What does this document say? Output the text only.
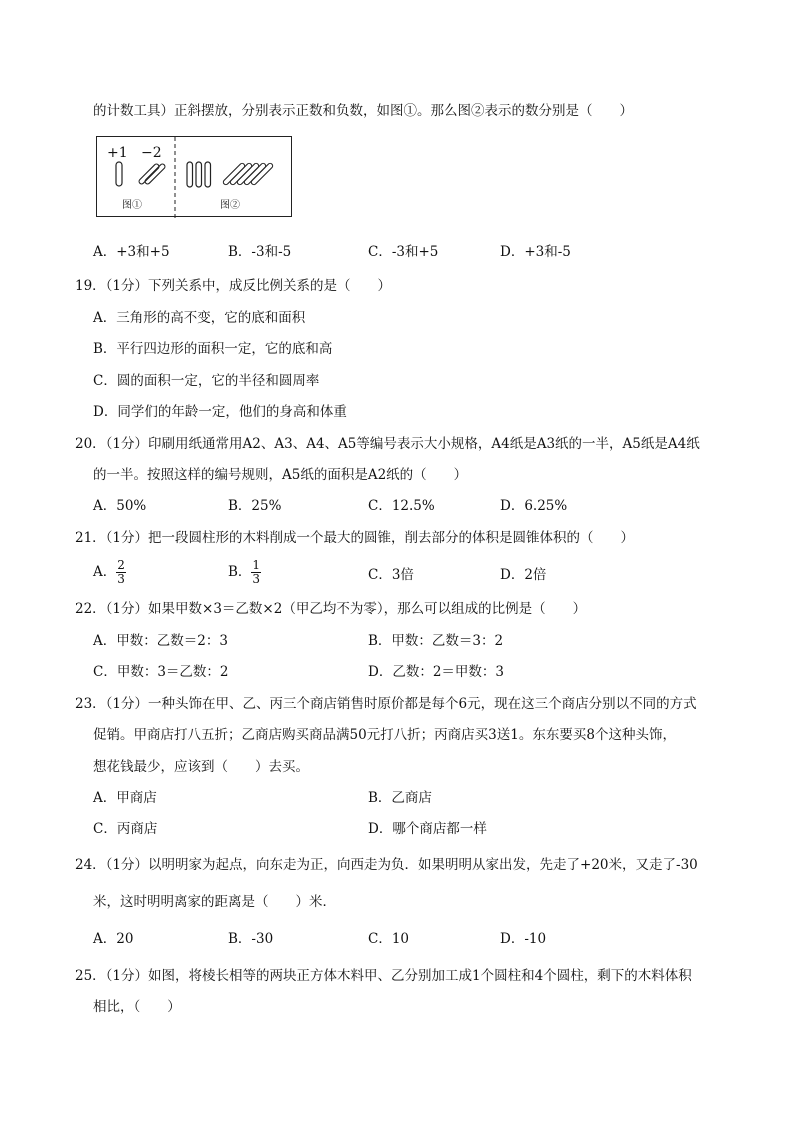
的计数工具）正斜摆放，分别表示正数和负数，如图①。那么图②表示的数分别是（　　）
+1 −2
图①	图②
A．+3和+5	B．-3和-5	C．-3和+5	D．+3和-5
19．（1分）下列关系中，成反比例关系的是（　　）
A．三角形的高不变，它的底和面积
B．平行四边形的面积一定，它的底和高
C．圆的面积一定，它的半径和圆周率
D．同学们的年龄一定，他们的身高和体重
20．（1分）印刷用纸通常用A2、A3、A4、A5等编号表示大小规格，A4纸是A3纸的一半，A5纸是A4纸
的一半。按照这样的编号规则，A5纸的面积是A2纸的（　　）
A．50%	B．25%	C．12.5%	D．6.25%
21．（1分）把一段圆柱形的木料削成一个最大的圆锥，削去部分的体积是圆锥体积的（　　）
A． $\frac{2}{3}$	B． $\frac{1}{3}$	C．3倍	D．2倍
22．（1分）如果甲数×3＝乙数×2（甲乙均不为零），那么可以组成的比例是（　　）
A．甲数：乙数＝2：3	B．甲数：乙数＝3：2
C．甲数：3＝乙数：2	D．乙数：2＝甲数：3
23．（1分）一种头饰在甲、乙、丙三个商店销售时原价都是每个6元，现在这三个商店分别以不同的方式
促销。甲商店打八五折；乙商店购买商品满50元打八折；丙商店买3送1。东东要买8个这种头饰，
想花钱最少，应该到（　　）去买。
A．甲商店	B．乙商店
C．丙商店	D．哪个商店都一样
24．（1分）以明明家为起点，向东走为正，向西走为负．如果明明从家出发，先走了+20米，又走了-30
米，这时明明离家的距离是（　　）米．
A．20	B．-30	C．10	D．-10
25．（1分）如图，将棱长相等的两块正方体木料甲、乙分别加工成1个圆柱和4个圆柱，剩下的木料体积
相比，（　　）
